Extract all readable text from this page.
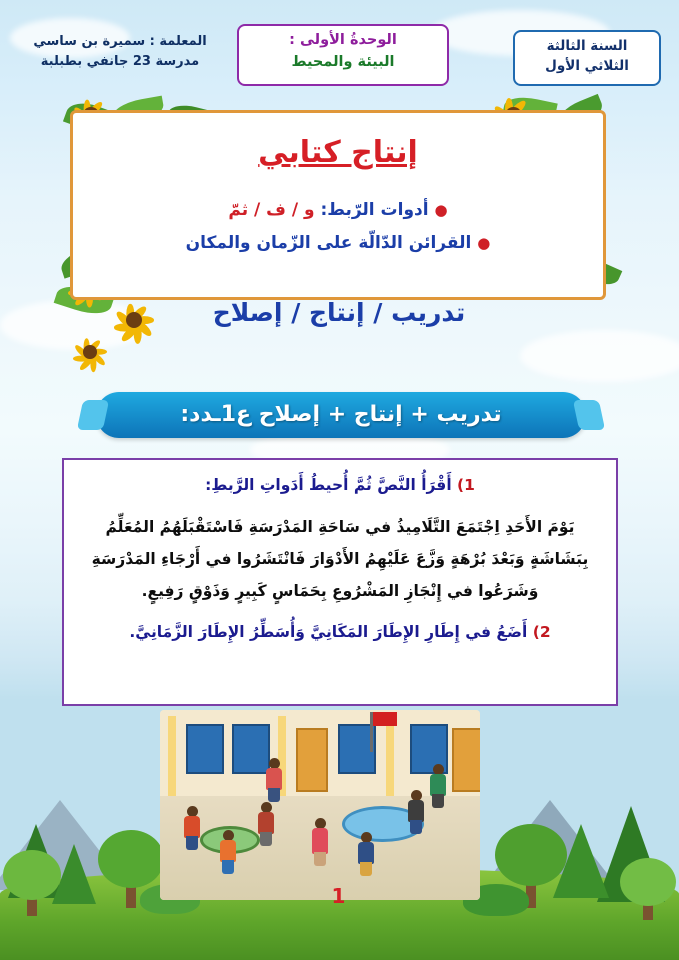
السنة الثالثة
الثلاثي الأول
الوحدةُ الأولى :
البيئة والمحيط
المعلمة : سميرة بن ساسي
مدرسة 23 جانفي بطبلبة
إنتاج كتابي
● أدوات الرّبط: و / ف / ثمّ
● القرائن الدّالّة على الزّمان والمكان
تدريب / إنتاج / إصلاح
تدريب + إنتاج + إصلاح ع1ـدد:
1) أَقْرَأُ النَّصَّ ثُمَّ أُحيطُ أَدَواتِ الرَّبطِ:
يَوْمَ الأَحَدِ اِجْتَمَعَ التَّلَامِيذُ في سَاحَةِ المَدْرَسَةِ فَاسْتَقْبَلَهُمُ المُعَلِّمُ
بِبَشَاشَةٍ وَبَعْدَ بُرْهَةٍ وَزَّعَ عَلَيْهِمُ الأَدْوَارَ فَانْتَشَرُوا في أَرْجَاءِ المَدْرَسَةِ
وَشَرَعُوا في إِنْجَازِ المَشْرُوعِ بِحَمَاسٍ كَبِيرٍ وَذَوْقٍ رَفِيعٍ.
2) أَضَعُ في إِطَارِ الإِطَارَ المَكَانِيَّ وَأُسَطِّرُ الإِطَارَ الزَّمَانِيَّ.
1
